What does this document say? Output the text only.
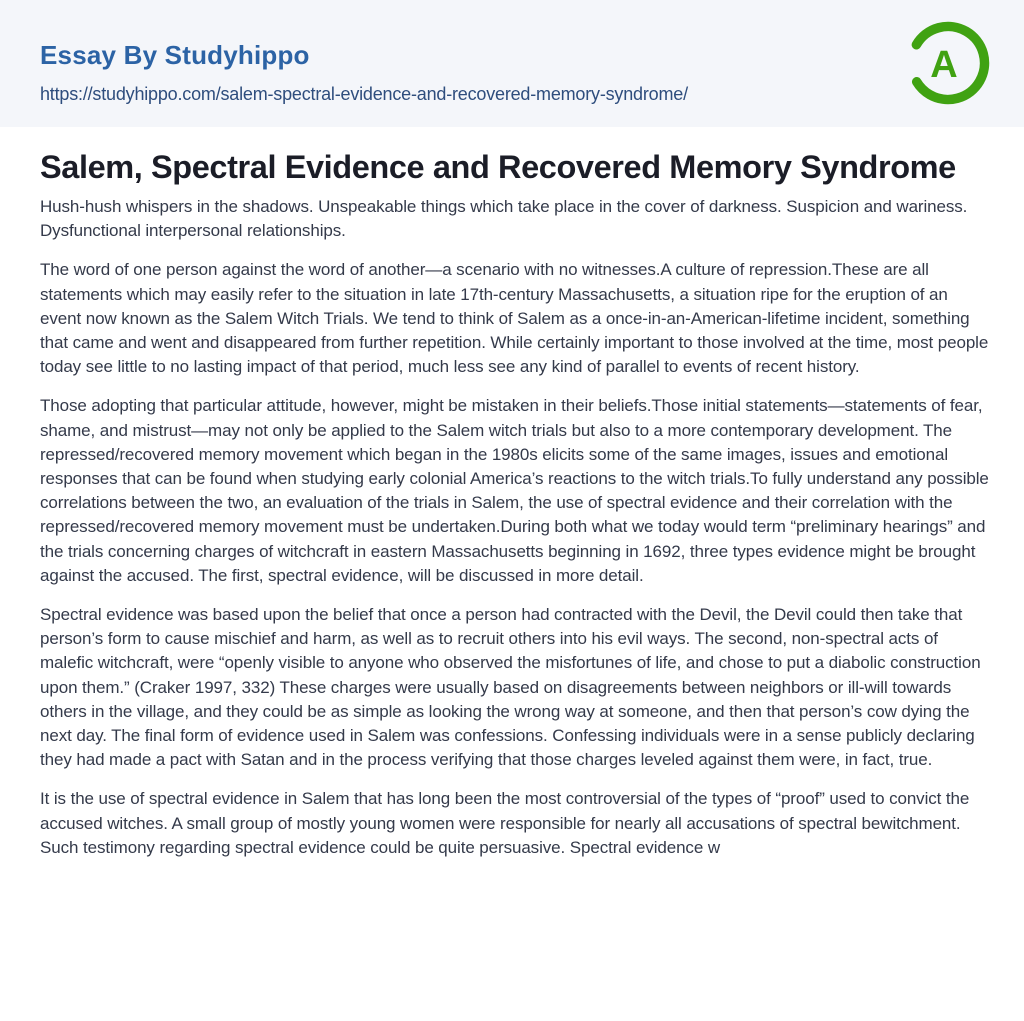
Essay By Studyhippo
https://studyhippo.com/salem-spectral-evidence-and-recovered-memory-syndrome/
A
Salem, Spectral Evidence and Recovered Memory Syndrome

Hush-hush whispers in the shadows. Unspeakable things which take place in the cover of darkness. Suspicion and wariness. Dysfunctional interpersonal relationships.

The word of one person against the word of another—a scenario with no witnesses.A culture of repression.These are all statements which may easily refer to the situation in late 17th-century Massachusetts, a situation ripe for the eruption of an event now known as the Salem Witch Trials. We tend to think of Salem as a once-in-an-American-lifetime incident, something that came and went and disappeared from further repetition. While certainly important to those involved at the time, most people today see little to no lasting impact of that period, much less see any kind of parallel to events of recent history.

Those adopting that particular attitude, however, might be mistaken in their beliefs.Those initial statements—statements of fear, shame, and mistrust—may not only be applied to the Salem witch trials but also to a more contemporary development. The repressed/recovered memory movement which began in the 1980s elicits some of the same images, issues and emotional responses that can be found when studying early colonial America’s reactions to the witch trials.To fully understand any possible correlations between the two, an evaluation of the trials in Salem, the use of spectral evidence and their correlation with the repressed/recovered memory movement must be undertaken.During both what we today would term “preliminary hearings” and the trials concerning charges of witchcraft in eastern Massachusetts beginning in 1692, three types evidence might be brought against the accused. The first, spectral evidence, will be discussed in more detail.

Spectral evidence was based upon the belief that once a person had contracted with the Devil, the Devil could then take that person’s form to cause mischief and harm, as well as to recruit others into his evil ways. The second, non-spectral acts of malefic witchcraft, were “openly visible to anyone who observed the misfortunes of life, and chose to put a diabolic construction upon them.” (Craker 1997, 332) These charges were usually based on disagreements between neighbors or ill-will towards others in the village, and they could be as simple as looking the wrong way at someone, and then that person’s cow dying the next day. The final form of evidence used in Salem was confessions. Confessing individuals were in a sense publicly declaring they had made a pact with Satan and in the process verifying that those charges leveled against them were, in fact, true.

It is the use of spectral evidence in Salem that has long been the most controversial of the types of “proof” used to convict the accused witches. A small group of mostly young women were responsible for nearly all accusations of spectral bewitchment. Such testimony regarding spectral evidence could be quite persuasive. Spectral evidence w
